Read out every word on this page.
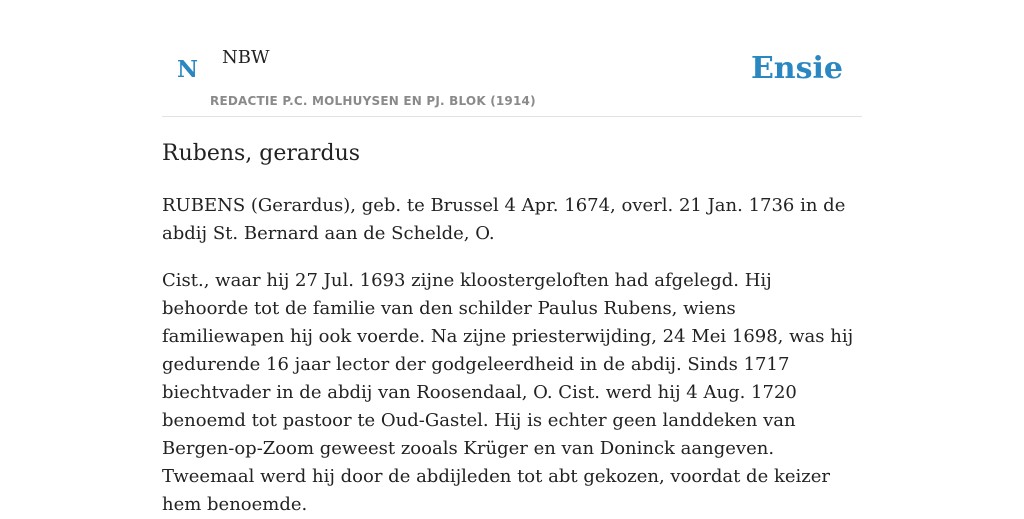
N NBW
REDACTIE P.C. MOLHUYSEN EN PJ. BLOK (1914)
Ensie
Rubens, gerardus

RUBENS (Gerardus), geb. te Brussel 4 Apr. 1674, overl. 21 Jan. 1736 in de abdij St. Bernard aan de Schelde, O.

Cist., waar hij 27 Jul. 1693 zijne kloostergeloften had afgelegd. Hij behoorde tot de familie van den schilder Paulus Rubens, wiens familiewapen hij ook voerde. Na zijne priesterwijding, 24 Mei 1698, was hij gedurende 16 jaar lector der godgeleerdheid in de abdij. Sinds 1717 biechtvader in de abdij van Roosendaal, O. Cist. werd hij 4 Aug. 1720 benoemd tot pastoor te Oud-Gastel. Hij is echter geen landdeken van Bergen-op-Zoom geweest zooals Krüger en van Doninck aangeven. Tweemaal werd hij door de abdijleden tot abt gekozen, voordat de keizer hem benoemde.
